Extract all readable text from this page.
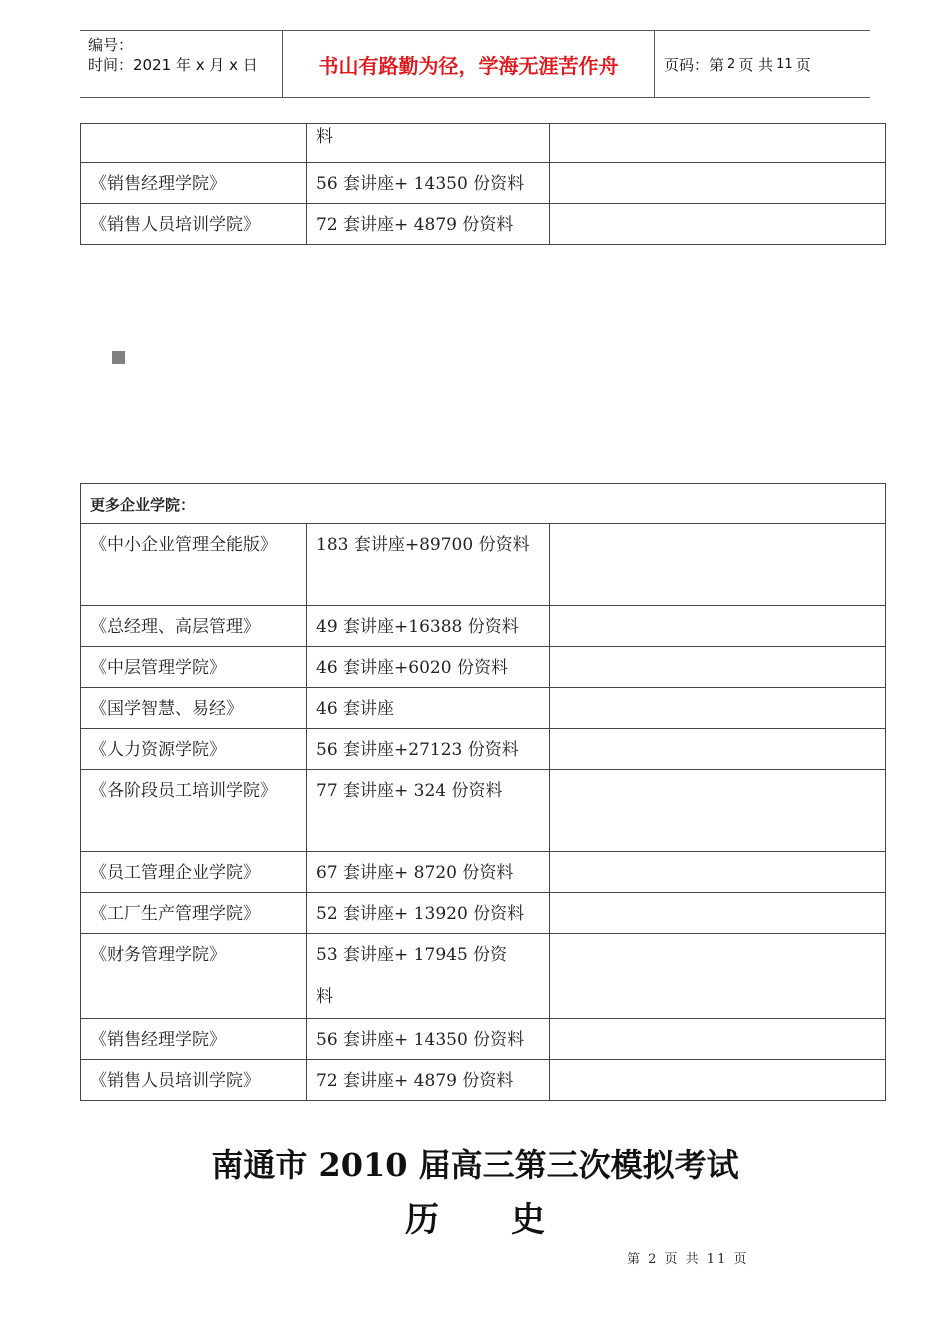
编号：
时间：2021 年 x 月 x 日	书山有路勤为径，学海无涯苦作舟	页码：第 2 页 共 11 页
	料	
《销售经理学院》	56 套讲座+ 14350 份资料	
《销售人员培训学院》	72 套讲座+ 4879 份资料	
更多企业学院：		
《中小企业管理全能版》	183 套讲座+89700 份资料	
《总经理、高层管理》	49 套讲座+16388 份资料	
《中层管理学院》	46 套讲座+6020 份资料	
《国学智慧、易经》	46 套讲座	
《人力资源学院》	56 套讲座+27123 份资料	
《各阶段员工培训学院》	77 套讲座+ 324 份资料	
《员工管理企业学院》	67 套讲座+ 8720 份资料	
《工厂生产管理学院》	52 套讲座+ 13920 份资料	
《财务管理学院》	53 套讲座+ 17945 份资料	
《销售经理学院》	56 套讲座+ 14350 份资料	
《销售人员培训学院》	72 套讲座+ 4879 份资料	
南通市 2010 届高三第三次模拟考试
历 史
第 2 页 共 11 页
